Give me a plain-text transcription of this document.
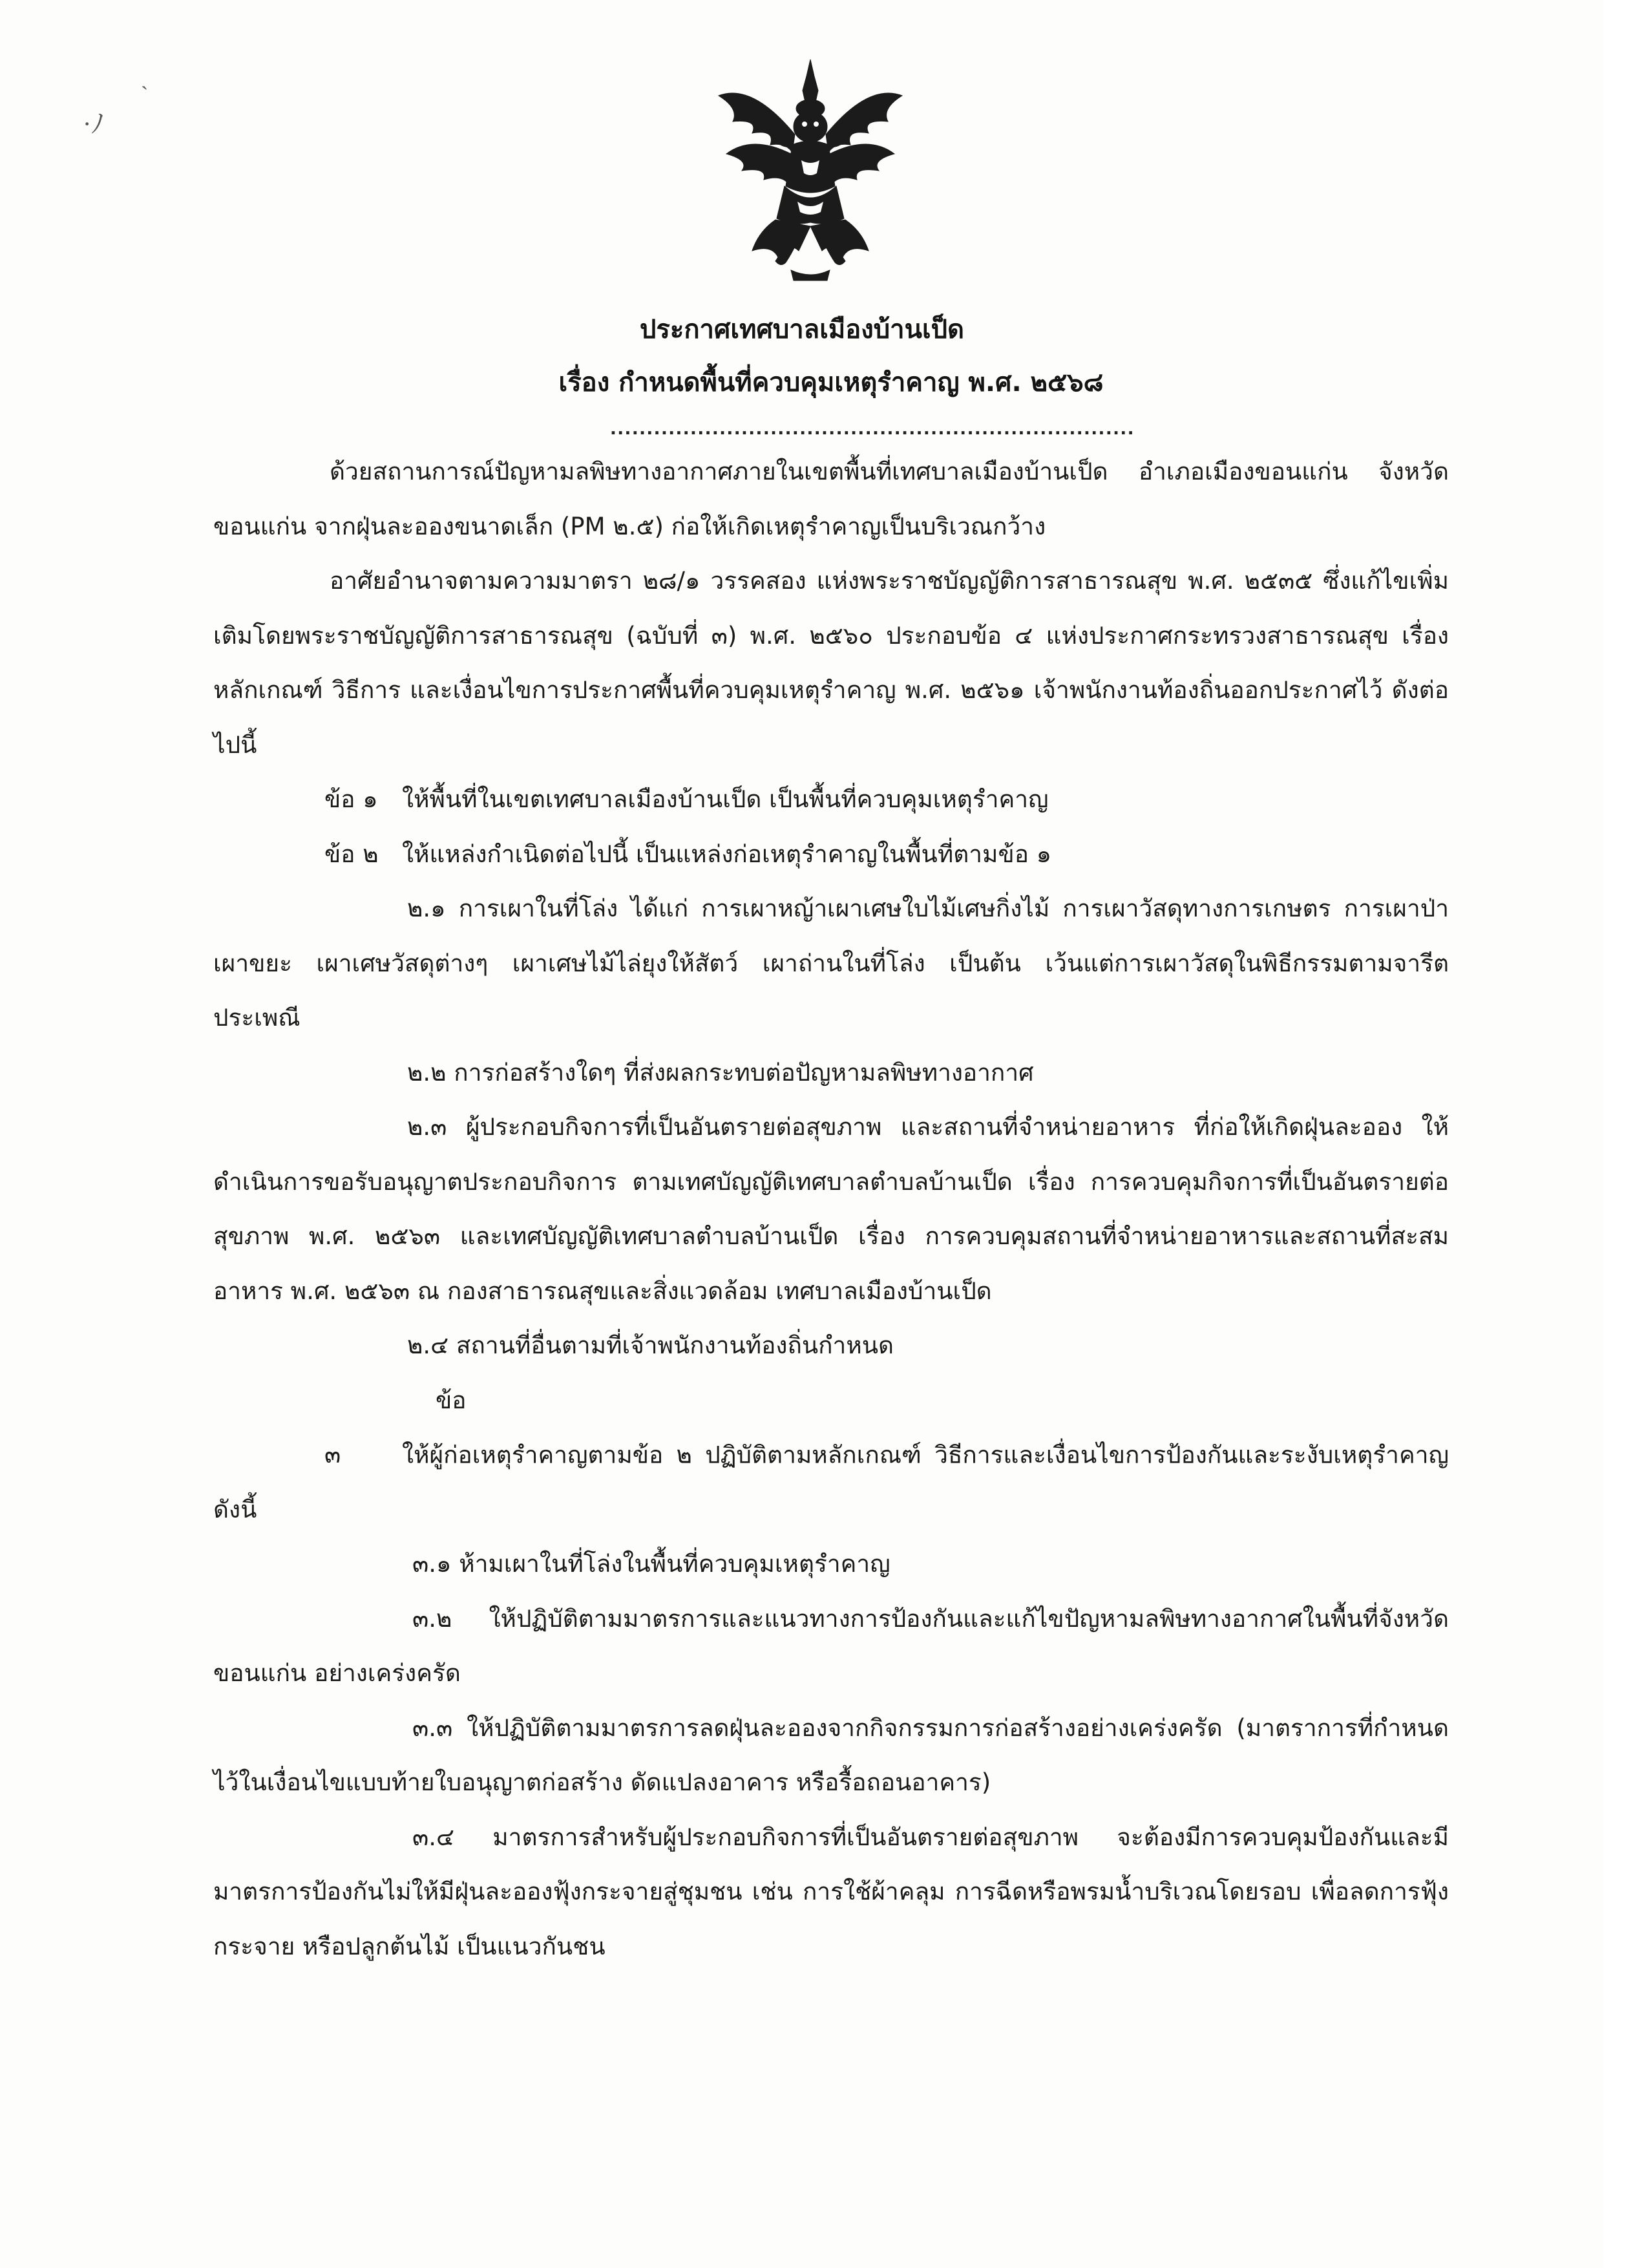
·ﾉ
ˋ
ประกาศเทศบาลเมืองบ้านเป็ด
เรื่อง กำหนดพื้นที่ควบคุมเหตุรำคาญ พ.ศ. ๒๕๖๘
........................................................................

ด้วยสถานการณ์ปัญหามลพิษทางอากาศภายในเขตพื้นที่เทศบาลเมืองบ้านเป็ด อำเภอเมืองขอนแก่น จังหวัดขอนแก่น จากฝุ่นละอองขนาดเล็ก (PM ๒.๕) ก่อให้เกิดเหตุรำคาญเป็นบริเวณกว้าง

อาศัยอำนาจตามความมาตรา ๒๘/๑ วรรคสอง แห่งพระราชบัญญัติการสาธารณสุข พ.ศ. ๒๕๓๕ ซึ่งแก้ไขเพิ่มเติมโดยพระราชบัญญัติการสาธารณสุข (ฉบับที่ ๓) พ.ศ. ๒๕๖๐ ประกอบข้อ ๔ แห่งประกาศกระทรวงสาธารณสุข เรื่อง หลักเกณฑ์ วิธีการ และเงื่อนไขการประกาศพื้นที่ควบคุมเหตุรำคาญ พ.ศ. ๒๕๖๑ เจ้าพนักงานท้องถิ่นออกประกาศไว้ ดังต่อไปนี้

ข้อ ๑ ให้พื้นที่ในเขตเทศบาลเมืองบ้านเป็ด เป็นพื้นที่ควบคุมเหตุรำคาญ

ข้อ ๒ ให้แหล่งกำเนิดต่อไปนี้ เป็นแหล่งก่อเหตุรำคาญในพื้นที่ตามข้อ ๑

๒.๑ การเผาในที่โล่ง ได้แก่ การเผาหญ้าเผาเศษใบไม้เศษกิ่งไม้ การเผาวัสดุทางการเกษตร การเผาป่า เผาขยะ เผาเศษวัสดุต่างๆ เผาเศษไม้ไล่ยุงให้สัตว์ เผาถ่านในที่โล่ง เป็นต้น เว้นแต่การเผาวัสดุในพิธีกรรมตามจารีตประเพณี

๒.๒ การก่อสร้างใดๆ ที่ส่งผลกระทบต่อปัญหามลพิษทางอากาศ

๒.๓ ผู้ประกอบกิจการที่เป็นอันตรายต่อสุขภาพ และสถานที่จำหน่ายอาหาร ที่ก่อให้เกิดฝุ่นละออง ให้ดำเนินการขอรับอนุญาตประกอบกิจการ ตามเทศบัญญัติเทศบาลตำบลบ้านเป็ด เรื่อง การควบคุมกิจการที่เป็นอันตรายต่อสุขภาพ พ.ศ. ๒๕๖๓ และเทศบัญญัติเทศบาลตำบลบ้านเป็ด เรื่อง การควบคุมสถานที่จำหน่ายอาหารและสถานที่สะสมอาหาร พ.ศ. ๒๕๖๓ ณ กองสาธารณสุขและสิ่งแวดล้อม เทศบาลเมืองบ้านเป็ด

๒.๔ สถานที่อื่นตามที่เจ้าพนักงานท้องถิ่นกำหนด

ข้อ ๓	ให้ผู้ก่อเหตุรำคาญตามข้อ ๒ ปฏิบัติตามหลักเกณฑ์ วิธีการและเงื่อนไขการป้องกันและระงับเหตุรำคาญ ดังนี้

๓.๑ ห้ามเผาในที่โล่งในพื้นที่ควบคุมเหตุรำคาญ

๓.๒ ให้ปฏิบัติตามมาตรการและแนวทางการป้องกันและแก้ไขปัญหามลพิษทางอากาศในพื้นที่จังหวัดขอนแก่น อย่างเคร่งครัด

๓.๓ ให้ปฏิบัติตามมาตรการลดฝุ่นละอองจากกิจกรรมการก่อสร้างอย่างเคร่งครัด (มาตราการที่กำหนดไว้ในเงื่อนไขแบบท้ายใบอนุญาตก่อสร้าง ดัดแปลงอาคาร หรือรื้อถอนอาคาร)

๓.๔ มาตรการสำหรับผู้ประกอบกิจการที่เป็นอันตรายต่อสุขภาพ จะต้องมีการควบคุมป้องกันและมีมาตรการป้องกันไม่ให้มีฝุ่นละอองฟุ้งกระจายสู่ชุมชน เช่น การใช้ผ้าคลุม การฉีดหรือพรมน้ำบริเวณโดยรอบ เพื่อลดการฟุ้งกระจาย หรือปลูกต้นไม้ เป็นแนวกันชน
